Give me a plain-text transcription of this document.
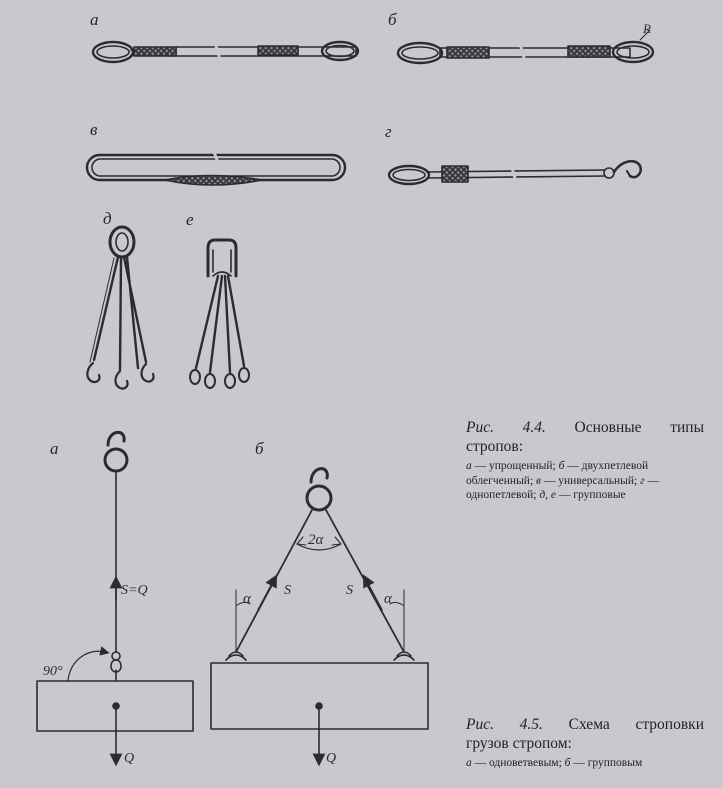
R
90°
S=Q
Q	Q
S	S
α	α
2α
а	б
в	г
д	е
а	б
Рис. 4.4. Основные типы
стропов:
а — упрощенный; б — двухпетлевой облегченный; в — универсальный; г — однопетлевой; д, е — групповые
Рис. 4.5. Схема строповки
грузов стропом:
а — одноветвевым; б — групповым
